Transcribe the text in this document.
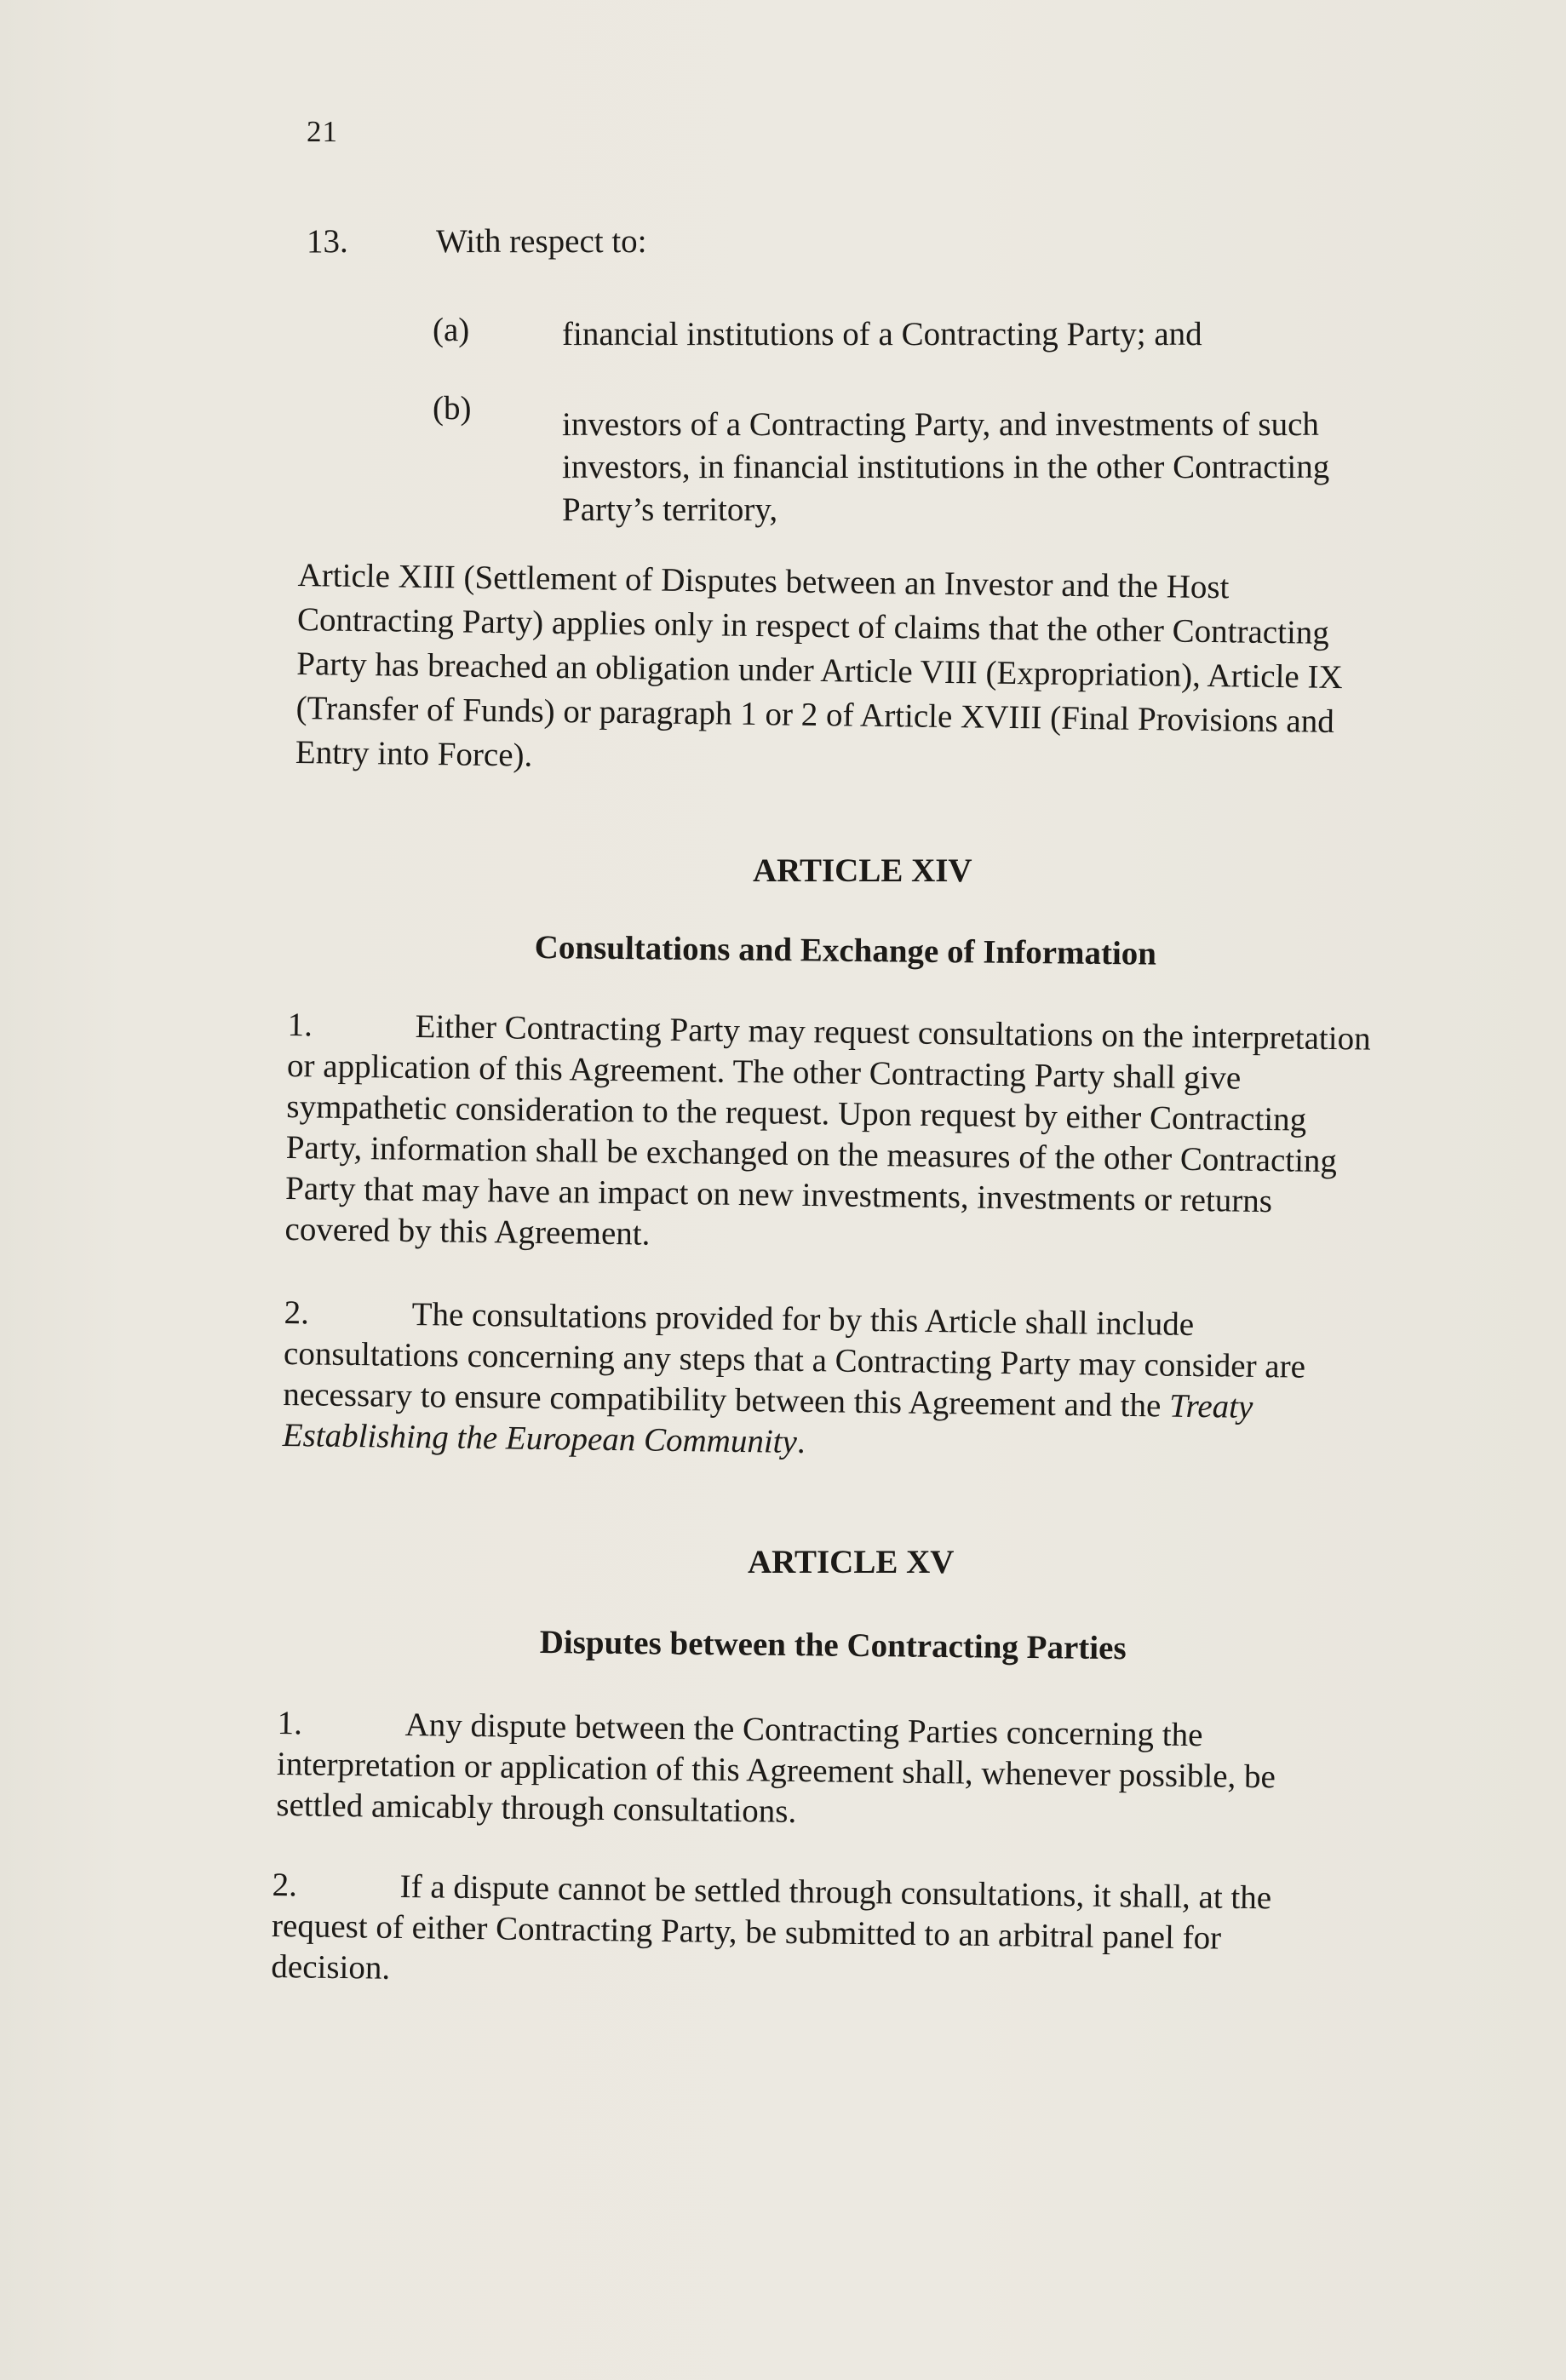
21
13.	With respect to:
(a)	financial institutions of a Contracting Party; and
(b)	investors of a Contracting Party, and investments of such
investors, in financial institutions in the other Contracting
Party’s territory,
Article XIII (Settlement of Disputes between an Investor and the Host
Contracting Party) applies only in respect of claims that the other Contracting
Party has breached an obligation under Article VIII (Expropriation), Article IX
(Transfer of Funds) or paragraph 1 or 2 of Article XVIII (Final Provisions and
Entry into Force).
ARTICLE XIV
Consultations and Exchange of Information
1.	Either Contracting Party may request consultations on the interpretation
or application of this Agreement. The other Contracting Party shall give
sympathetic consideration to the request. Upon request by either Contracting
Party, information shall be exchanged on the measures of the other Contracting
Party that may have an impact on new investments, investments or returns
covered by this Agreement.
2.	The consultations provided for by this Article shall include
consultations concerning any steps that a Contracting Party may consider are
necessary to ensure compatibility between this Agreement and the Treaty
Establishing the European Community.
ARTICLE XV
Disputes between the Contracting Parties
1.	Any dispute between the Contracting Parties concerning the
interpretation or application of this Agreement shall, whenever possible, be
settled amicably through consultations.
2.	If a dispute cannot be settled through consultations, it shall, at the
request of either Contracting Party, be submitted to an arbitral panel for
decision.
